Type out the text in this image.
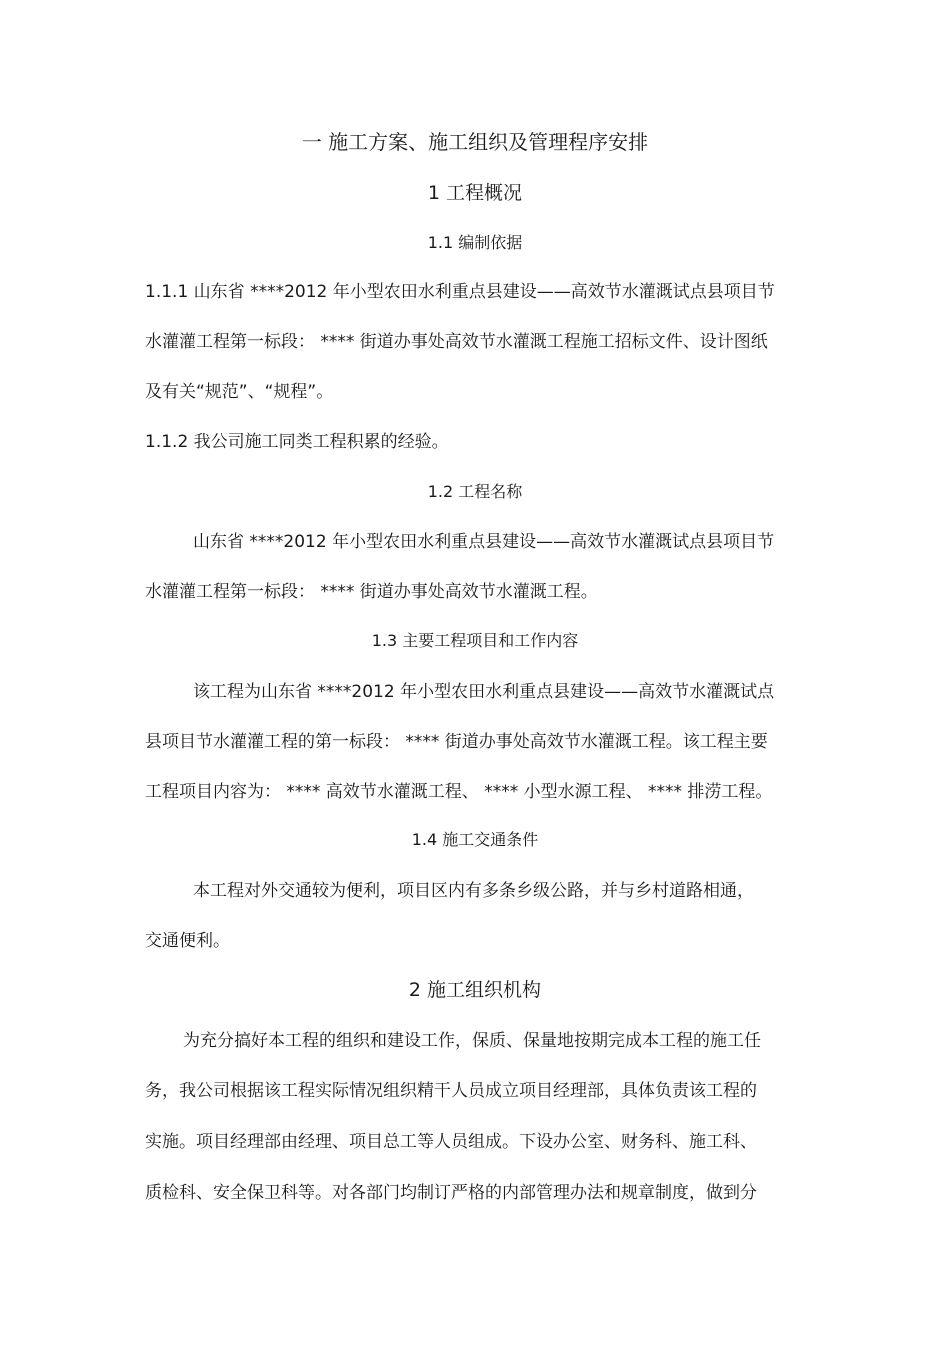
一 施工方案、施工组织及管理程序安排
1 工程概况
1.1 编制依据
1.1.1 山东省 ****2012 年小型农田水利重点县建设——高效节水灌溉试点县项目节
水灌灌工程第一标段： **** 街道办事处高效节水灌溉工程施工招标文件、设计图纸
及有关“规范”、“规程”。
1.1.2 我公司施工同类工程积累的经验。
1.2 工程名称
山东省 ****2012 年小型农田水利重点县建设——高效节水灌溉试点县项目节
水灌灌工程第一标段： **** 街道办事处高效节水灌溉工程。
1.3 主要工程项目和工作内容
该工程为山东省 ****2012 年小型农田水利重点县建设——高效节水灌溉试点
县项目节水灌灌工程的第一标段： **** 街道办事处高效节水灌溉工程。该工程主要
工程项目内容为： **** 高效节水灌溉工程、 **** 小型水源工程、 **** 排涝工程。
1.4 施工交通条件
本工程对外交通较为便利，项目区内有多条乡级公路，并与乡村道路相通，
交通便利。
2 施工组织机构
为充分搞好本工程的组织和建设工作，保质、保量地按期完成本工程的施工任
务，我公司根据该工程实际情况组织精干人员成立项目经理部，具体负责该工程的
实施。项目经理部由经理、项目总工等人员组成。下设办公室、财务科、施工科、
质检科、安全保卫科等。对各部门均制订严格的内部管理办法和规章制度，做到分
